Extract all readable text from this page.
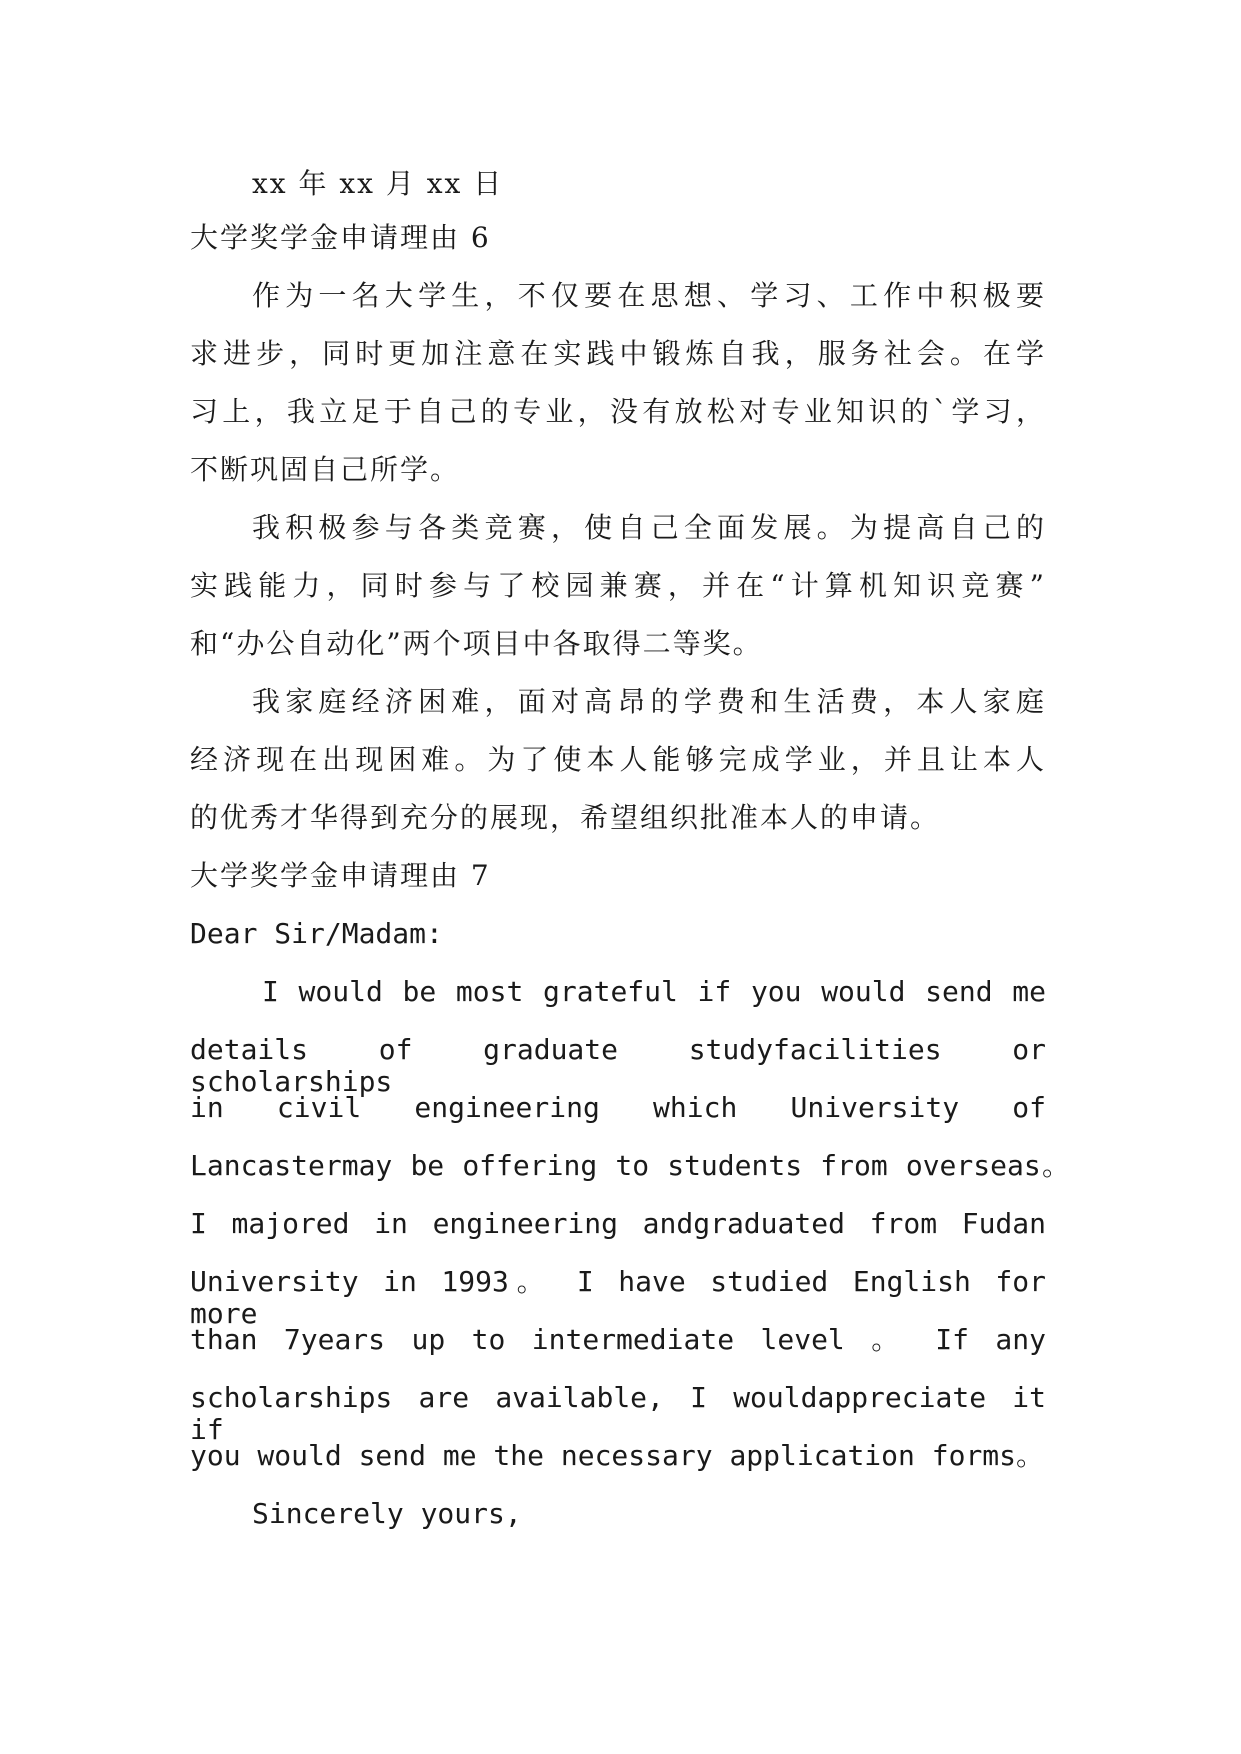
xx 年 xx 月 xx 日
大学奖学金申请理由 6
作为一名大学生，不仅要在思想、学习、工作中积极要
求进步，同时更加注意在实践中锻炼自我，服务社会。在学
习上，我立足于自己的专业，没有放松对专业知识的`学习，
不断巩固自己所学。
我积极参与各类竞赛，使自己全面发展。为提高自己的
实践能力，同时参与了校园兼赛，并在“计算机知识竞赛”
和“办公自动化”两个项目中各取得二等奖。
我家庭经济困难，面对高昂的学费和生活费，本人家庭
经济现在出现困难。为了使本人能够完成学业，并且让本人
的优秀才华得到充分的展现，希望组织批准本人的申请。
大学奖学金申请理由 7
Dear Sir/Madam:
I would be most grateful if you would send me
details of graduate studyfacilities or scholarships
in civil engineering which University of
Lancastermay be offering to students from overseas。
I majored in engineering andgraduated from Fudan
University in 1993。 I have studied English for more
than 7years up to intermediate level 。 If any
scholarships are available, I wouldappreciate it if
you would send me the necessary application forms。
Sincerely yours,
